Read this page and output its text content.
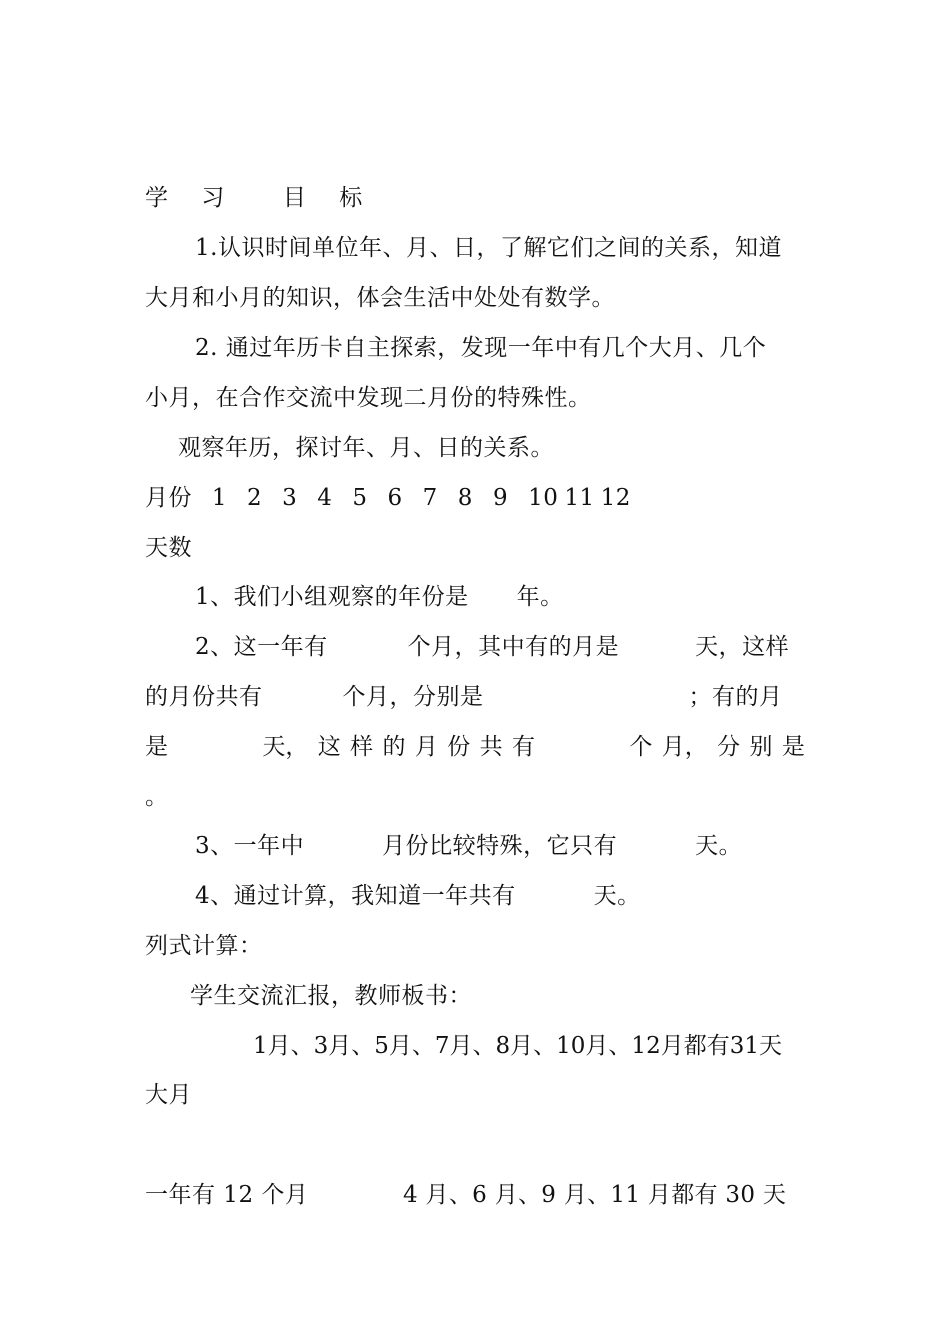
学 习  目 标
1.认识时间单位年、月、日，了解它们之间的关系，知道
大月和小月的知识，体会生活中处处有数学。
2. 通过年历卡自主探索，发现一年中有几个大月、几个
小月，在合作交流中发现二月份的特殊性。
观察年历，探讨年、月、日的关系。
月份 1 2 3 4 5 6 7 8 9 10 11 12
天数
1、我们小组观察的年份是 年。
2、这一年有	个月，其中有的月是	天，这样
的月份共有	个月，分别是	；有的月
是	天， 这 样 的 月 份 共 有	个 月， 分 别 是
。
3、一年中	月份比较特殊，它只有	天。
4、通过计算，我知道一年共有	天。
列式计算：
学生交流汇报，教师板书：
1月、3月、5月、7月、8月、10月、12月都有31天
大月
一年有 12 个月	4 月、6 月、9 月、11 月都有 30 天
